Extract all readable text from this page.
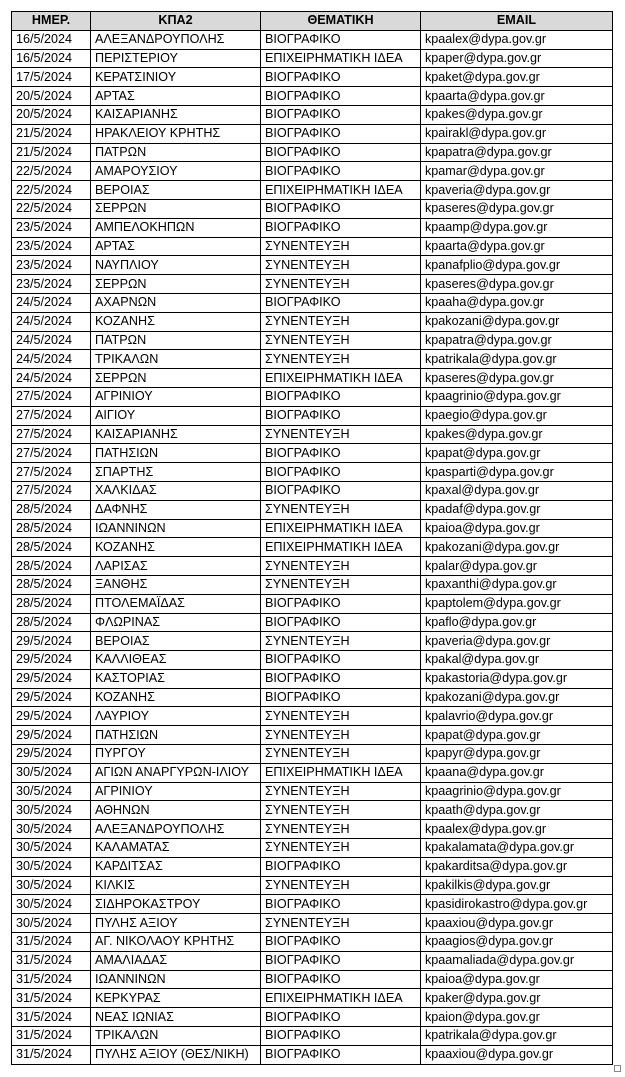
ΗΜΕΡ.	ΚΠΑ2	ΘΕΜΑΤΙΚΗ	EMAIL
16/5/2024	ΑΛΕΞΑΝΔΡΟΥΠΟΛΗΣ	ΒΙΟΓΡΑΦΙΚΟ	kpaalex@dypa.gov.gr
16/5/2024	ΠΕΡΙΣΤΕΡΙΟΥ	ΕΠΙΧΕΙΡΗΜΑΤΙΚΗ ΙΔΕΑ	kpaper@dypa.gov.gr
17/5/2024	ΚΕΡΑΤΣΙΝΙΟΥ	ΒΙΟΓΡΑΦΙΚΟ	kpaket@dypa.gov.gr
20/5/2024	ΑΡΤΑΣ	ΒΙΟΓΡΑΦΙΚΟ	kpaarta@dypa.gov.gr
20/5/2024	ΚΑΙΣΑΡΙΑΝΗΣ	ΒΙΟΓΡΑΦΙΚΟ	kpakes@dypa.gov.gr
21/5/2024	ΗΡΑΚΛΕΙΟΥ ΚΡΗΤΗΣ	ΒΙΟΓΡΑΦΙΚΟ	kpairakl@dypa.gov.gr
21/5/2024	ΠΑΤΡΩΝ	ΒΙΟΓΡΑΦΙΚΟ	kpapatra@dypa.gov.gr
22/5/2024	ΑΜΑΡΟΥΣΙΟΥ	ΒΙΟΓΡΑΦΙΚΟ	kpamar@dypa.gov.gr
22/5/2024	ΒΕΡΟΙΑΣ	ΕΠΙΧΕΙΡΗΜΑΤΙΚΗ ΙΔΕΑ	kpaveria@dypa.gov.gr
22/5/2024	ΣΕΡΡΩΝ	ΒΙΟΓΡΑΦΙΚΟ	kpaseres@dypa.gov.gr
23/5/2024	ΑΜΠΕΛΟΚΗΠΩΝ	ΒΙΟΓΡΑΦΙΚΟ	kpaamp@dypa.gov.gr
23/5/2024	ΑΡΤΑΣ	ΣΥΝΕΝΤΕΥΞΗ	kpaarta@dypa.gov.gr
23/5/2024	ΝΑΥΠΛΙΟΥ	ΣΥΝΕΝΤΕΥΞΗ	kpanafplio@dypa.gov.gr
23/5/2024	ΣΕΡΡΩΝ	ΣΥΝΕΝΤΕΥΞΗ	kpaseres@dypa.gov.gr
24/5/2024	ΑΧΑΡΝΩΝ	ΒΙΟΓΡΑΦΙΚΟ	kpaaha@dypa.gov.gr
24/5/2024	ΚΟΖΑΝΗΣ	ΣΥΝΕΝΤΕΥΞΗ	kpakozani@dypa.gov.gr
24/5/2024	ΠΑΤΡΩΝ	ΣΥΝΕΝΤΕΥΞΗ	kpapatra@dypa.gov.gr
24/5/2024	ΤΡΙΚΑΛΩΝ	ΣΥΝΕΝΤΕΥΞΗ	kpatrikala@dypa.gov.gr
24/5/2024	ΣΕΡΡΩΝ	ΕΠΙΧΕΙΡΗΜΑΤΙΚΗ ΙΔΕΑ	kpaseres@dypa.gov.gr
27/5/2024	ΑΓΡΙΝΙΟΥ	ΒΙΟΓΡΑΦΙΚΟ	kpaagrinio@dypa.gov.gr
27/5/2024	ΑΙΓΙΟΥ	ΒΙΟΓΡΑΦΙΚΟ	kpaegio@dypa.gov.gr
27/5/2024	ΚΑΙΣΑΡΙΑΝΗΣ	ΣΥΝΕΝΤΕΥΞΗ	kpakes@dypa.gov.gr
27/5/2024	ΠΑΤΗΣΙΩΝ	ΒΙΟΓΡΑΦΙΚΟ	kpapat@dypa.gov.gr
27/5/2024	ΣΠΑΡΤΗΣ	ΒΙΟΓΡΑΦΙΚΟ	kpasparti@dypa.gov.gr
27/5/2024	ΧΑΛΚΙΔΑΣ	ΒΙΟΓΡΑΦΙΚΟ	kpaxal@dypa.gov.gr
28/5/2024	ΔΑΦΝΗΣ	ΣΥΝΕΝΤΕΥΞΗ	kpadaf@dypa.gov.gr
28/5/2024	ΙΩΑΝΝΙΝΩΝ	ΕΠΙΧΕΙΡΗΜΑΤΙΚΗ ΙΔΕΑ	kpaioa@dypa.gov.gr
28/5/2024	ΚΟΖΑΝΗΣ	ΕΠΙΧΕΙΡΗΜΑΤΙΚΗ ΙΔΕΑ	kpakozani@dypa.gov.gr
28/5/2024	ΛΑΡΙΣΑΣ	ΣΥΝΕΝΤΕΥΞΗ	kpalar@dypa.gov.gr
28/5/2024	ΞΑΝΘΗΣ	ΣΥΝΕΝΤΕΥΞΗ	kpaxanthi@dypa.gov.gr
28/5/2024	ΠΤΟΛΕΜΑΪΔΑΣ	ΒΙΟΓΡΑΦΙΚΟ	kpaptolem@dypa.gov.gr
28/5/2024	ΦΛΩΡΙΝΑΣ	ΒΙΟΓΡΑΦΙΚΟ	kpaflo@dypa.gov.gr
29/5/2024	ΒΕΡΟΙΑΣ	ΣΥΝΕΝΤΕΥΞΗ	kpaveria@dypa.gov.gr
29/5/2024	ΚΑΛΛΙΘΕΑΣ	ΒΙΟΓΡΑΦΙΚΟ	kpakal@dypa.gov.gr
29/5/2024	ΚΑΣΤΟΡΙΑΣ	ΒΙΟΓΡΑΦΙΚΟ	kpakastoria@dypa.gov.gr
29/5/2024	ΚΟΖΑΝΗΣ	ΒΙΟΓΡΑΦΙΚΟ	kpakozani@dypa.gov.gr
29/5/2024	ΛΑΥΡΙΟΥ	ΣΥΝΕΝΤΕΥΞΗ	kpalavrio@dypa.gov.gr
29/5/2024	ΠΑΤΗΣΙΩΝ	ΣΥΝΕΝΤΕΥΞΗ	kpapat@dypa.gov.gr
29/5/2024	ΠΥΡΓΟΥ	ΣΥΝΕΝΤΕΥΞΗ	kpapyr@dypa.gov.gr
30/5/2024	ΑΓΙΩΝ ΑΝΑΡΓΥΡΩΝ-ΙΛΙΟΥ	ΕΠΙΧΕΙΡΗΜΑΤΙΚΗ ΙΔΕΑ	kpaana@dypa.gov.gr
30/5/2024	ΑΓΡΙΝΙΟΥ	ΣΥΝΕΝΤΕΥΞΗ	kpaagrinio@dypa.gov.gr
30/5/2024	ΑΘΗΝΩΝ	ΣΥΝΕΝΤΕΥΞΗ	kpaath@dypa.gov.gr
30/5/2024	ΑΛΕΞΑΝΔΡΟΥΠΟΛΗΣ	ΣΥΝΕΝΤΕΥΞΗ	kpaalex@dypa.gov.gr
30/5/2024	ΚΑΛΑΜΑΤΑΣ	ΣΥΝΕΝΤΕΥΞΗ	kpakalamata@dypa.gov.gr
30/5/2024	ΚΑΡΔΙΤΣΑΣ	ΒΙΟΓΡΑΦΙΚΟ	kpakarditsa@dypa.gov.gr
30/5/2024	ΚΙΛΚΙΣ	ΣΥΝΕΝΤΕΥΞΗ	kpakilkis@dypa.gov.gr
30/5/2024	ΣΙΔΗΡΟΚΑΣΤΡΟΥ	ΒΙΟΓΡΑΦΙΚΟ	kpasidirokastro@dypa.gov.gr
30/5/2024	ΠΥΛΗΣ ΑΞΙΟΥ	ΣΥΝΕΝΤΕΥΞΗ	kpaaxiou@dypa.gov.gr
31/5/2024	ΑΓ. ΝΙΚΟΛΑΟΥ ΚΡΗΤΗΣ	ΒΙΟΓΡΑΦΙΚΟ	kpaagios@dypa.gov.gr
31/5/2024	ΑΜΑΛΙΑΔΑΣ	ΒΙΟΓΡΑΦΙΚΟ	kpaamaliada@dypa.gov.gr
31/5/2024	ΙΩΑΝΝΙΝΩΝ	ΒΙΟΓΡΑΦΙΚΟ	kpaioa@dypa.gov.gr
31/5/2024	ΚΕΡΚΥΡΑΣ	ΕΠΙΧΕΙΡΗΜΑΤΙΚΗ ΙΔΕΑ	kpaker@dypa.gov.gr
31/5/2024	ΝΕΑΣ ΙΩΝΙΑΣ	ΒΙΟΓΡΑΦΙΚΟ	kpaion@dypa.gov.gr
31/5/2024	ΤΡΙΚΑΛΩΝ	ΒΙΟΓΡΑΦΙΚΟ	kpatrikala@dypa.gov.gr
31/5/2024	ΠΥΛΗΣ ΑΞΙΟΥ (ΘΕΣ/ΝΙΚΗ)	ΒΙΟΓΡΑΦΙΚΟ	kpaaxiou@dypa.gov.gr
